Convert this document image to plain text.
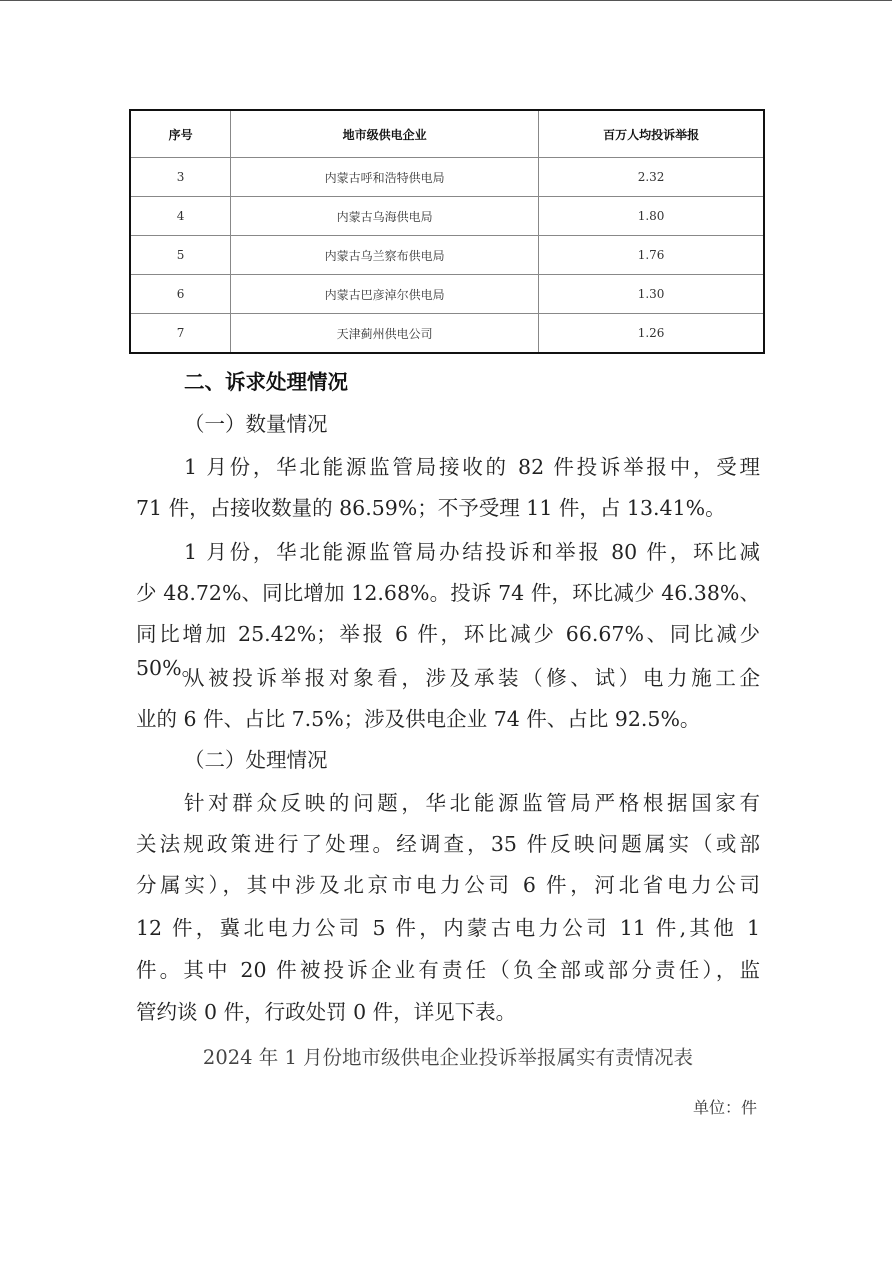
序号	地市级供电企业	百万人均投诉举报
3	内蒙古呼和浩特供电局	2.32
4	内蒙古乌海供电局	1.80
5	内蒙古乌兰察布供电局	1.76
6	内蒙古巴彦淖尔供电局	1.30
7	天津蓟州供电公司	1.26
二、诉求处理情况
（一）数量情况
1 月份，华北能源监管局接收的 82 件投诉举报中，受理
71 件，占接收数量的 86.59%；不予受理 11 件，占 13.41%。
1 月份，华北能源监管局办结投诉和举报 80 件，环比减
少 48.72%、同比增加 12.68%。投诉 74 件，环比减少 46.38%、
同比增加 25.42%；举报 6 件，环比减少 66.67%、同比减少 50%。
从被投诉举报对象看，涉及承装（修、试）电力施工企
业的 6 件、占比 7.5%；涉及供电企业 74 件、占比 92.5%。
（二）处理情况
针对群众反映的问题，华北能源监管局严格根据国家有
关法规政策进行了处理。经调查，35 件反映问题属实（或部
分属实），其中涉及北京市电力公司 6 件，河北省电力公司
12 件，冀北电力公司 5 件，内蒙古电力公司 11 件,其他 1
件。其中 20 件被投诉企业有责任（负全部或部分责任），监
管约谈 0 件，行政处罚 0 件，详见下表。
2024 年 1 月份地市级供电企业投诉举报属实有责情况表
单位：件
